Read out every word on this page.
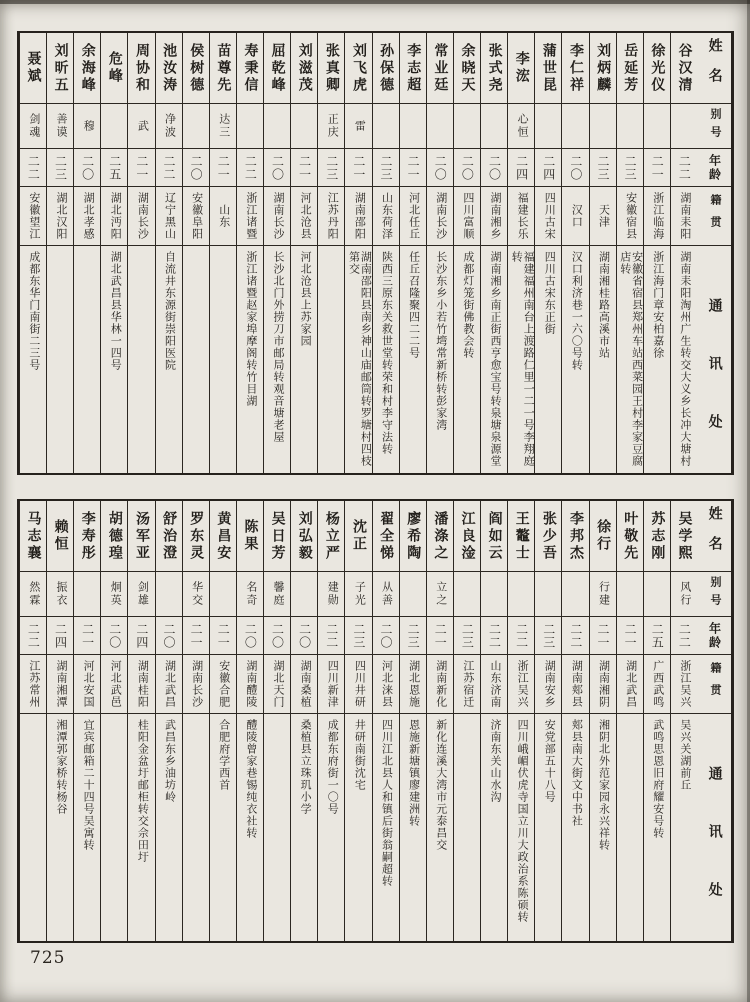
姓名
别号
年龄
籍贯
通讯处
谷汉清
二二
湖南耒阳
湖南耒阳淘州广生转交大义乡长冲大塘村
徐光仪
二一
浙江临海
浙江海门章安柏嘉徐
岳延芳
二三
安徽宿县
安徽省宿县郑州车站西菜园王村李家豆腐店转
刘炳麟
二三
天津
湖南湘桂路高溪市站
李仁祥
二〇
汉口
汉口利济巷一六〇号转
蒲世昆
二四
四川古宋
四川古宋东正街
李浤
心恒
二四
福建长乐
福建福州南台上渡路仁里一二一号李翔庭转
张式尧
二〇
湖南湘乡
湖南湘乡南正街西亨愈宝号转泉塘泉源堂
余晓天
二〇
四川富顺
成都灯笼街佛教会转
常业廷
二〇
湖南长沙
长沙东乡小若竹塆常新桥转彭家湾
李志超
二一
河北任丘
任丘召隆聚四二二号
孙保德
二三
山东荷泽
陕西三原东关救世堂转荣和村李守法转
刘飞虎
雷
二一
湖南邵阳
湖南邵阳县南乡神山庙邮筒转罗塘村四枝第交
张真卿
正庆
二三
江苏丹阳
刘滋茂
二一
河北沧县
河北沧县上苏家园
屈乾峰
二〇
湖南长沙
长沙北门外捞刀市邮局转观音塘老屋
寿秉信
二二
浙江诸暨
浙江诸暨赵家埠摩阁转竹目湖
苗尊先
达三
二一
山东
侯树德
二〇
安徽阜阳
池汝涛
净波
二二
辽宁黑山
自流井东源街崇阳医院
周协和
武
二一
湖南长沙
危峰
二五
湖北沔阳
湖北武昌县华林一四号
余海峰
穆
二〇
湖北孝感
刘昕五
善谟
二三
湖北汉阳
聂斌
剑魂
二二
安徽望江
成都东华门南街二三号
姓名
别号
年龄
籍贯
通讯处
吴学熙
风行
二二
浙江吴兴
吴兴关湖前丘
苏志刚
二五
广西武鸣
武鸣思恩旧府耀安号转
叶敬先
二一
湖北武昌
徐行
行建
二一
湖南湘阴
湘阴北外范家园永兴祥转
李邦杰
二二
湖南郏县
郏县南大街文中书社
张少吾
二三
湖南安乡
安党部五十八号
王鼇士
二二
浙江吴兴
四川峨嵋伏虎寺国立川大政治系陈硕转
阎如云
二二
山东济南
济南东关山水沟
江良淦
二三
江苏宿迁
潘涤之
立之
二一
湖南新化
新化连溪大湾市元泰昌交
廖希陶
二三
湖北恩施
恩施新塘镇廖建洲转
翟全悌
从善
二〇
河北涞县
四川江北县人和镇后街翁嗣超转
沈正
子光
二三
四川井研
井研南街沈宅
杨立严
建勋
二二
四川新津
成都东府街一〇号
刘弘毅
二〇
湖南桑植
桑植县立珠玑小学
吴日芳
馨庭
二〇
湖北天门
陈果
名奇
二〇
湖南醴陵
醴陵曾家巷锡纯衣社转
黄昌安
二一
安徽合肥
合肥府学西首
罗东灵
华交
二一
湖南长沙
舒治澄
二〇
湖北武昌
武昌东乡油坊岭
汤军亚
剑雄
二四
湖南桂阳
桂阳金盆圩邮柜转交佘田圩
胡德瑝
炯英
二〇
河北武邑
李寿彤
二一
河北安国
宜宾邮箱二十四号吴寓转
赖恒
振衣
二四
湖南湘潭
湘潭郭家桥转杨谷
马志襄
然霖
二二
江苏常州
725
